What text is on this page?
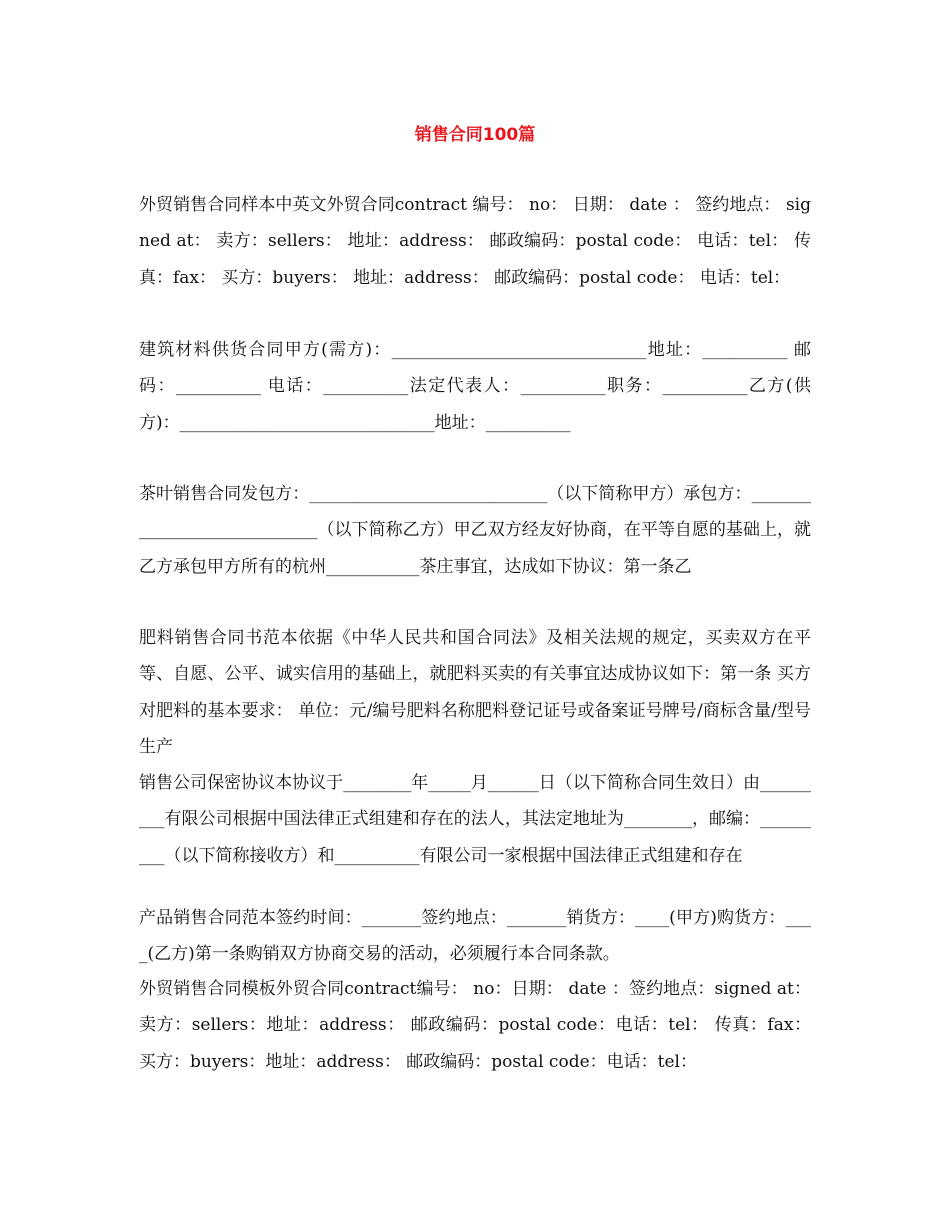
销售合同100篇
外贸销售合同样本中英文外贸合同contract 编号： no： 日期： date ： 签约地点： signed at： 卖方：sellers： 地址：address： 邮政编码：postal code： 电话：tel： 传真：fax： 买方：buyers： 地址：address： 邮政编码：postal code： 电话：tel：
建筑材料供货合同甲方(需方)：______________________________地址：__________ 邮码：__________ 电话：__________法定代表人：__________职务：__________乙方(供方)：______________________________地址：__________
茶叶销售合同发包方：____________________________（以下简称甲方）承包方：____________________________（以下简称乙方）甲乙双方经友好协商，在平等自愿的基础上，就乙方承包甲方所有的杭州___________茶庄事宜，达成如下协议：第一条乙
肥料销售合同书范本依据《中华人民共和国合同法》及相关法规的规定，买卖双方在平等、自愿、公平、诚实信用的基础上，就肥料买卖的有关事宜达成协议如下：第一条 买方对肥料的基本要求： 单位：元/编号肥料名称肥料登记证号或备案证号牌号/商标含量/型号生产
销售公司保密协议本协议于________年_____月______日（以下简称合同生效日）由_________有限公司根据中国法律正式组建和存在的法人，其法定地址为________，邮编：_________（以下简称接收方）和__________有限公司一家根据中国法律正式组建和存在
产品销售合同范本签约时间：_______签约地点：_______销货方：____(甲方)购货方：____(乙方)第一条购销双方协商交易的活动，必须履行本合同条款。
外贸销售合同模板外贸合同contract编号： no：日期： date ：签约地点：signed at：卖方：sellers：地址：address： 邮政编码：postal code：电话：tel： 传真：fax：买方：buyers：地址：address： 邮政编码：postal code：电话：tel：
